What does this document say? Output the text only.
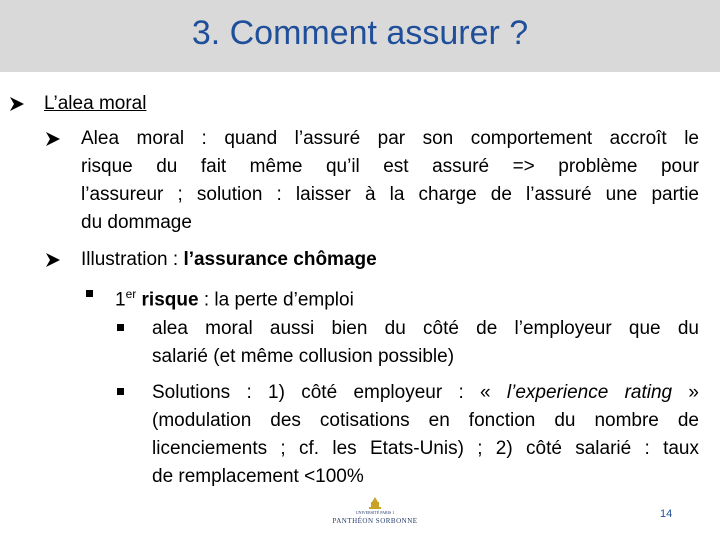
3. Comment assurer ?
L’alea moral
Alea moral : quand l’assuré par son comportement accroît le
risque du fait même qu’il est assuré => problème pour
l’assureur ; solution : laisser à la charge de l’assuré une partie
du dommage
Illustration : l’assurance chômage
1er risque : la perte d’emploi
alea moral aussi bien du côté de l’employeur que du
salarié (et même collusion possible)
Solutions : 1) côté employeur : « l’experience rating »
(modulation des cotisations en fonction du nombre de
licenciements ; cf. les Etats-Unis) ; 2) côté salarié : taux
de remplacement <100%
UNIVERSITÉ PARIS 1
PANTHÉON SORBONNE
14
